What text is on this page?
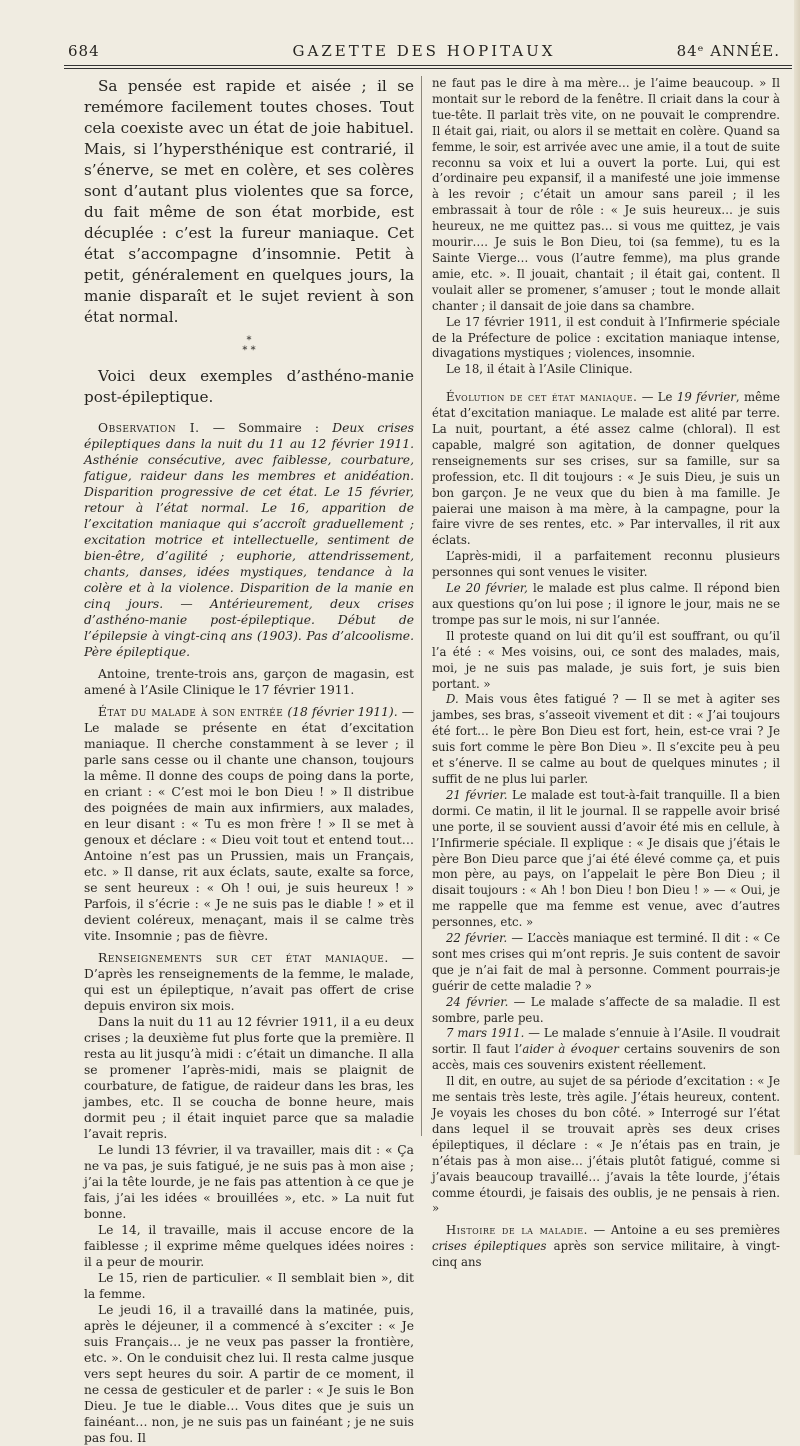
684	GAZETTE DES HOPITAUX	84ᵉ ANNÉE.

Sa pensée est rapide et aisée ; il se remémore facilement toutes choses. Tout cela coexiste avec un état de joie habituel. Mais, si l’hypersthénique est contrarié, il s’énerve, se met en colère, et ses colères sont d’autant plus violentes que sa force, du fait même de son état morbide, est décuplée : c’est la fureur maniaque. Cet état s’accompagne d’insomnie. Petit à petit, généralement en quelques jours, la manie disparaît et le sujet revient à son état normal.

*
* *

Voici deux exemples d’asthéno-manie post-épileptique.

Observation I. — Sommaire : Deux crises épileptiques dans la nuit du 11 au 12 février 1911. Asthénie consécutive, avec faiblesse, courbature, fatigue, raideur dans les membres et anidéation. Disparition progressive de cet état. Le 15 février, retour à l’état normal. Le 16, apparition de l’excitation maniaque qui s’accroît graduellement ; excitation motrice et intellectuelle, sentiment de bien-être, d’agilité ; euphorie, attendrissement, chants, danses, idées mystiques, tendance à la colère et à la violence. Disparition de la manie en cinq jours. — Antérieurement, deux crises d’asthéno-manie post-épileptique. Début de l’épilepsie à vingt-cinq ans (1903). Pas d’alcoolisme. Père épileptique.

Antoine, trente-trois ans, garçon de magasin, est amené à l’Asile Clinique le 17 février 1911.

État du malade à son entrée (18 février 1911). — Le malade se présente en état d’excitation maniaque. Il cherche constamment à se lever ; il parle sans cesse ou il chante une chanson, toujours la même. Il donne des coups de poing dans la porte, en criant : « C’est moi le bon Dieu ! » Il distribue des poignées de main aux infirmiers, aux malades, en leur disant : « Tu es mon frère ! » Il se met à genoux et déclare : « Dieu voit tout et entend tout… Antoine n’est pas un Prussien, mais un Français, etc. » Il danse, rit aux éclats, saute, exalte sa force, se sent heureux : « Oh ! oui, je suis heureux ! » Parfois, il s’écrie : « Je ne suis pas le diable ! » et il devient coléreux, menaçant, mais il se calme très vite. Insomnie ; pas de fièvre.

Renseignements sur cet état maniaque. — D’après les renseignements de la femme, le malade, qui est un épileptique, n’avait pas offert de crise depuis environ six mois.

Dans la nuit du 11 au 12 février 1911, il a eu deux crises ; la deuxième fut plus forte que la première. Il resta au lit jusqu’à midi : c’était un dimanche. Il alla se promener l’après-midi, mais se plaignit de courbature, de fatigue, de raideur dans les bras, les jambes, etc. Il se coucha de bonne heure, mais dormit peu ; il était inquiet parce que sa maladie l’avait repris.

Le lundi 13 février, il va travailler, mais dit : « Ça ne va pas, je suis fatigué, je ne suis pas à mon aise ; j’ai la tête lourde, je ne fais pas attention à ce que je fais, j’ai les idées « brouillées », etc. » La nuit fut bonne.

Le 14, il travaille, mais il accuse encore de la faiblesse ; il exprime même quelques idées noires : il a peur de mourir.

Le 15, rien de particulier. « Il semblait bien », dit la femme.

Le jeudi 16, il a travaillé dans la matinée, puis, après le déjeuner, il a commencé à s’exciter : « Je suis Français… je ne veux pas passer la frontière, etc. ». On le conduisit chez lui. Il resta calme jusque vers sept heures du soir. A partir de ce moment, il ne cessa de gesticuler et de parler : « Je suis le Bon Dieu. Je tue le diable… Vous dites que je suis un fainéant… non, je ne suis pas un fainéant ; je ne suis pas fou. Il

ne faut pas le dire à ma mère… je l’aime beaucoup. » Il montait sur le rebord de la fenêtre. Il criait dans la cour à tue-tête. Il parlait très vite, on ne pouvait le comprendre. Il était gai, riait, ou alors il se mettait en colère. Quand sa femme, le soir, est arrivée avec une amie, il a tout de suite reconnu sa voix et lui a ouvert la porte. Lui, qui est d’ordinaire peu expansif, il a manifesté une joie immense à les revoir ; c’était un amour sans pareil ; il les embrassait à tour de rôle : « Je suis heureux… je suis heureux, ne me quittez pas… si vous me quittez, je vais mourir…. Je suis le Bon Dieu, toi (sa femme), tu es la Sainte Vierge… vous (l’autre femme), ma plus grande amie, etc. ». Il jouait, chantait ; il était gai, content. Il voulait aller se promener, s’amuser ; tout le monde allait chanter ; il dansait de joie dans sa chambre.

Le 17 février 1911, il est conduit à l’Infirmerie spéciale de la Préfecture de police : excitation maniaque intense, divagations mystiques ; violences, insomnie.

Le 18, il était à l’Asile Clinique.

Évolution de cet état maniaque. — Le 19 février, même état d’excitation maniaque. Le malade est alité par terre. La nuit, pourtant, a été assez calme (chloral). Il est capable, malgré son agitation, de donner quelques renseignements sur ses crises, sur sa famille, sur sa profession, etc. Il dit toujours : « Je suis Dieu, je suis un bon garçon. Je ne veux que du bien à ma famille. Je paierai une maison à ma mère, à la campagne, pour la faire vivre de ses rentes, etc. » Par intervalles, il rit aux éclats.

L’après-midi, il a parfaitement reconnu plusieurs personnes qui sont venues le visiter.

Le 20 février, le malade est plus calme. Il répond bien aux questions qu’on lui pose ; il ignore le jour, mais ne se trompe pas sur le mois, ni sur l’année.

Il proteste quand on lui dit qu’il est souffrant, ou qu’il l’a été : « Mes voisins, oui, ce sont des malades, mais, moi, je ne suis pas malade, je suis fort, je suis bien portant. »

D. Mais vous êtes fatigué ? — Il se met à agiter ses jambes, ses bras, s’asseoit vivement et dit : « J’ai toujours été fort… le père Bon Dieu est fort, hein, est-ce vrai ? Je suis fort comme le père Bon Dieu ». Il s’excite peu à peu et s’énerve. Il se calme au bout de quelques minutes ; il suffit de ne plus lui parler.

21 février. Le malade est tout-à-fait tranquille. Il a bien dormi. Ce matin, il lit le journal. Il se rappelle avoir brisé une porte, il se souvient aussi d’avoir été mis en cellule, à l’Infirmerie spéciale. Il explique : « Je disais que j’étais le père Bon Dieu parce que j’ai été élevé comme ça, et puis mon père, au pays, on l’appelait le père Bon Dieu ; il disait toujours : « Ah ! bon Dieu ! bon Dieu ! » — « Oui, je me rappelle que ma femme est venue, avec d’autres personnes, etc. »

22 février. — L’accès maniaque est terminé. Il dit : « Ce sont mes crises qui m’ont repris. Je suis content de savoir que je n’ai fait de mal à personne. Comment pourrais-je guérir de cette maladie ? »

24 février. — Le malade s’affecte de sa maladie. Il est sombre, parle peu.

7 mars 1911. — Le malade s’ennuie à l’Asile. Il voudrait sortir. Il faut l’aider à évoquer certains souvenirs de son accès, mais ces souvenirs existent réellement.

Il dit, en outre, au sujet de sa période d’excitation : « Je me sentais très leste, très agile. J’étais heureux, content. Je voyais les choses du bon côté. » Interrogé sur l’état dans lequel il se trouvait après ses deux crises épileptiques, il déclare : « Je n’étais pas en train, je n’étais pas à mon aise… j’étais plutôt fatigué, comme si j’avais beaucoup travaillé… j’avais la tête lourde, j’étais comme étourdi, je faisais des oublis, je ne pensais à rien. »

Histoire de la maladie. — Antoine a eu ses premières crises épileptiques après son service militaire, à vingt-cinq ans
